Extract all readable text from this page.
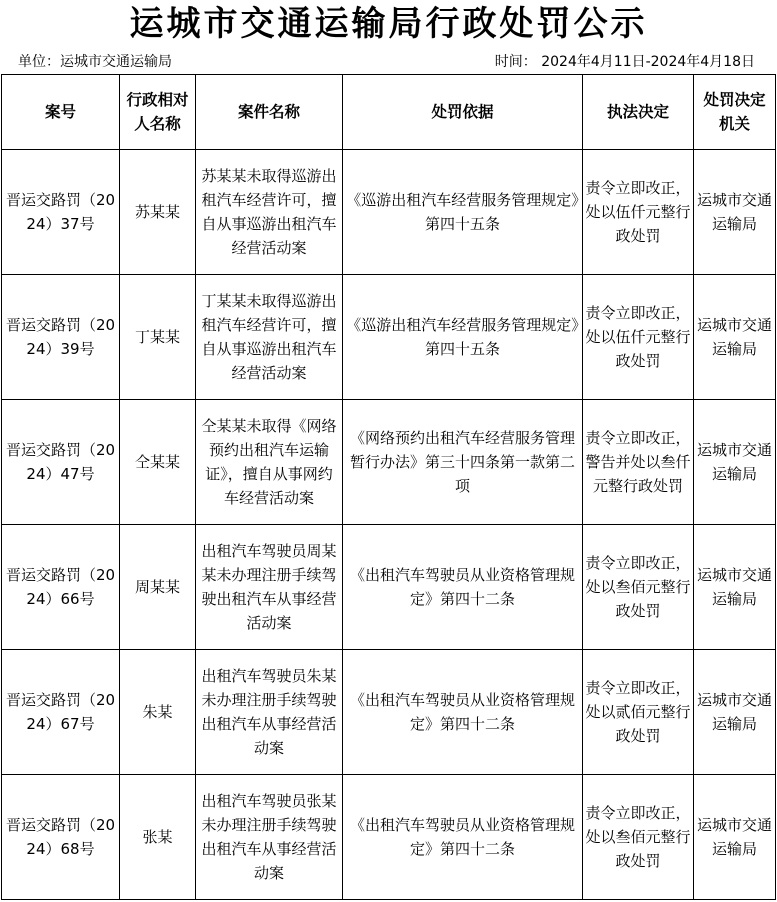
运城市交通运输局行政处罚公示
单位：运城市交通运输局	时间： 2024年4月11日-2024年4月18日
案号	行政相对人名称	案件名称	处罚依据	执法决定	处罚决定机关
晋运交路罚（2024）37号	苏某某	苏某某未取得巡游出租汽车经营许可，擅自从事巡游出租汽车经营活动案	《巡游出租汽车经营服务管理规定》第四十五条	责令立即改正，处以伍仟元整行政处罚	运城市交通运输局
晋运交路罚（2024）39号	丁某某	丁某某未取得巡游出租汽车经营许可，擅自从事巡游出租汽车经营活动案	《巡游出租汽车经营服务管理规定》第四十五条	责令立即改正，处以伍仟元整行政处罚	运城市交通运输局
晋运交路罚（2024）47号	仝某某	仝某某未取得《网络预约出租汽车运输证》，擅自从事网约车经营活动案	《网络预约出租汽车经营服务管理暂行办法》第三十四条第一款第二项	责令立即改正，警告并处以叁仟元整行政处罚	运城市交通运输局
晋运交路罚（2024）66号	周某某	出租汽车驾驶员周某某未办理注册手续驾驶出租汽车从事经营活动案	《出租汽车驾驶员从业资格管理规定》第四十二条	责令立即改正，处以叁佰元整行政处罚	运城市交通运输局
晋运交路罚（2024）67号	朱某	出租汽车驾驶员朱某未办理注册手续驾驶出租汽车从事经营活动案	《出租汽车驾驶员从业资格管理规定》第四十二条	责令立即改正，处以贰佰元整行政处罚	运城市交通运输局
晋运交路罚（2024）68号	张某	出租汽车驾驶员张某未办理注册手续驾驶出租汽车从事经营活动案	《出租汽车驾驶员从业资格管理规定》第四十二条	责令立即改正，处以叁佰元整行政处罚	运城市交通运输局
